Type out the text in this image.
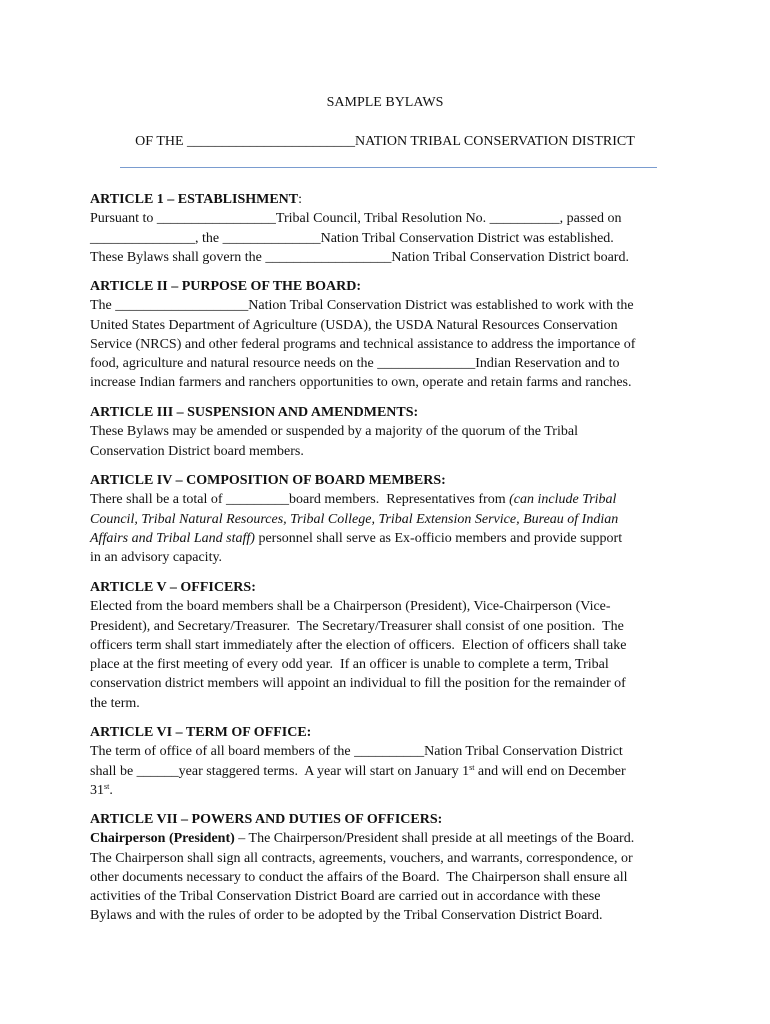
SAMPLE BYLAWS
OF THE ________________________NATION TRIBAL CONSERVATION DISTRICT

ARTICLE 1 – ESTABLISHMENT:

Pursuant to _________________Tribal Council, Tribal Resolution No. __________, passed on

_______________, the ______________Nation Tribal Conservation District was established.

These Bylaws shall govern the __________________Nation Tribal Conservation District board.

ARTICLE II – PURPOSE OF THE BOARD:

The ___________________Nation Tribal Conservation District was established to work with the

United States Department of Agriculture (USDA), the USDA Natural Resources Conservation

Service (NRCS) and other federal programs and technical assistance to address the importance of

food, agriculture and natural resource needs on the ______________Indian Reservation and to

increase Indian farmers and ranchers opportunities to own, operate and retain farms and ranches.

ARTICLE III – SUSPENSION AND AMENDMENTS:

These Bylaws may be amended or suspended by a majority of the quorum of the Tribal

Conservation District board members.

ARTICLE IV – COMPOSITION OF BOARD MEMBERS:

There shall be a total of _________board members.  Representatives from (can include Tribal

Council, Tribal Natural Resources, Tribal College, Tribal Extension Service, Bureau of Indian

Affairs and Tribal Land staff) personnel shall serve as Ex-officio members and provide support

in an advisory capacity.

ARTICLE V – OFFICERS:

Elected from the board members shall be a Chairperson (President), Vice-Chairperson (Vice-

President), and Secretary/Treasurer.  The Secretary/Treasurer shall consist of one position.  The

officers term shall start immediately after the election of officers.  Election of officers shall take

place at the first meeting of every odd year.  If an officer is unable to complete a term, Tribal

conservation district members will appoint an individual to fill the position for the remainder of

the term.

ARTICLE VI – TERM OF OFFICE:

The term of office of all board members of the __________Nation Tribal Conservation District

shall be ______year staggered terms.  A year will start on January 1st and will end on December

31st.

ARTICLE VII – POWERS AND DUTIES OF OFFICERS:

Chairperson (President) – The Chairperson/President shall preside at all meetings of the Board.

The Chairperson shall sign all contracts, agreements, vouchers, and warrants, correspondence, or

other documents necessary to conduct the affairs of the Board.  The Chairperson shall ensure all

activities of the Tribal Conservation District Board are carried out in accordance with these

Bylaws and with the rules of order to be adopted by the Tribal Conservation District Board.
